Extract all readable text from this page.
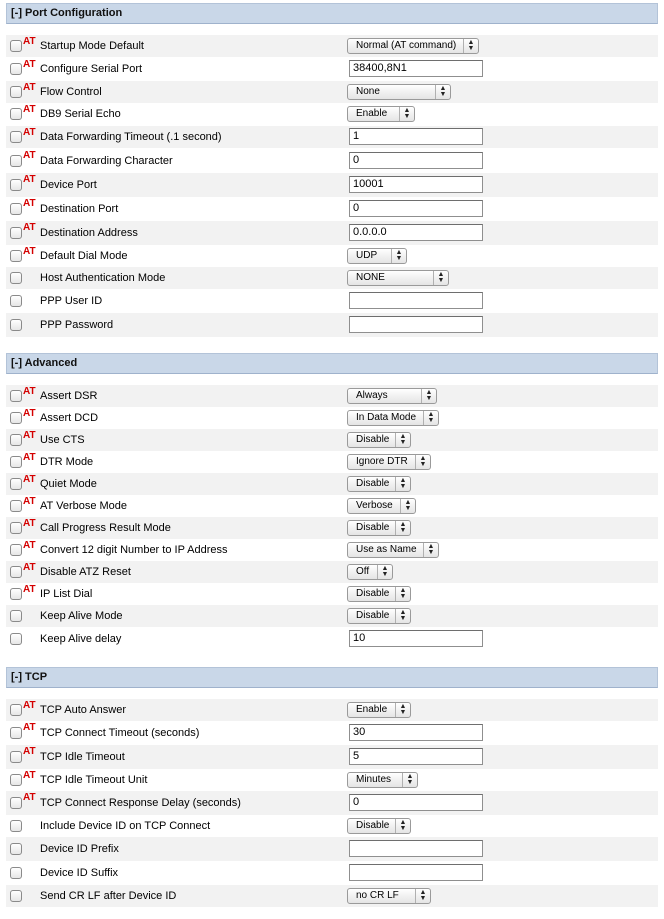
[-] Port Configuration
AT Startup Mode Default	Normal (AT command)	▲
▼
AT Configure Serial Port	38400,8N1
AT Flow Control	None	▲
▼
AT DB9 Serial Echo	Enable	▲
▼
AT Data Forwarding Timeout (.1 second)	1
AT Data Forwarding Character	0
AT Device Port	10001
AT Destination Port	0
AT Destination Address	0.0.0.0
AT Default Dial Mode	UDP	▲
▼
Host Authentication Mode	NONE	▲
▼
PPP User ID
PPP Password
[-] Advanced
AT Assert DSR	Always	▲
▼
AT Assert DCD	In Data Mode	▲
▼
AT Use CTS	Disable	▲
▼
AT DTR Mode	Ignore DTR	▲
▼
AT Quiet Mode	Disable	▲
▼
AT AT Verbose Mode	Verbose	▲
▼
AT Call Progress Result Mode	Disable	▲
▼
AT Convert 12 digit Number to IP Address	Use as Name	▲
▼
AT Disable ATZ Reset	Off	▲
▼
AT IP List Dial	Disable	▲
▼
Keep Alive Mode	Disable	▲
▼
Keep Alive delay	10
[-] TCP
AT TCP Auto Answer	Enable	▲
▼
AT TCP Connect Timeout (seconds)	30
AT TCP Idle Timeout	5
AT TCP Idle Timeout Unit	Minutes	▲
▼
AT TCP Connect Response Delay (seconds)	0
Include Device ID on TCP Connect	Disable	▲
▼
Device ID Prefix
Device ID Suffix
Send CR LF after Device ID	no CR LF	▲
▼
